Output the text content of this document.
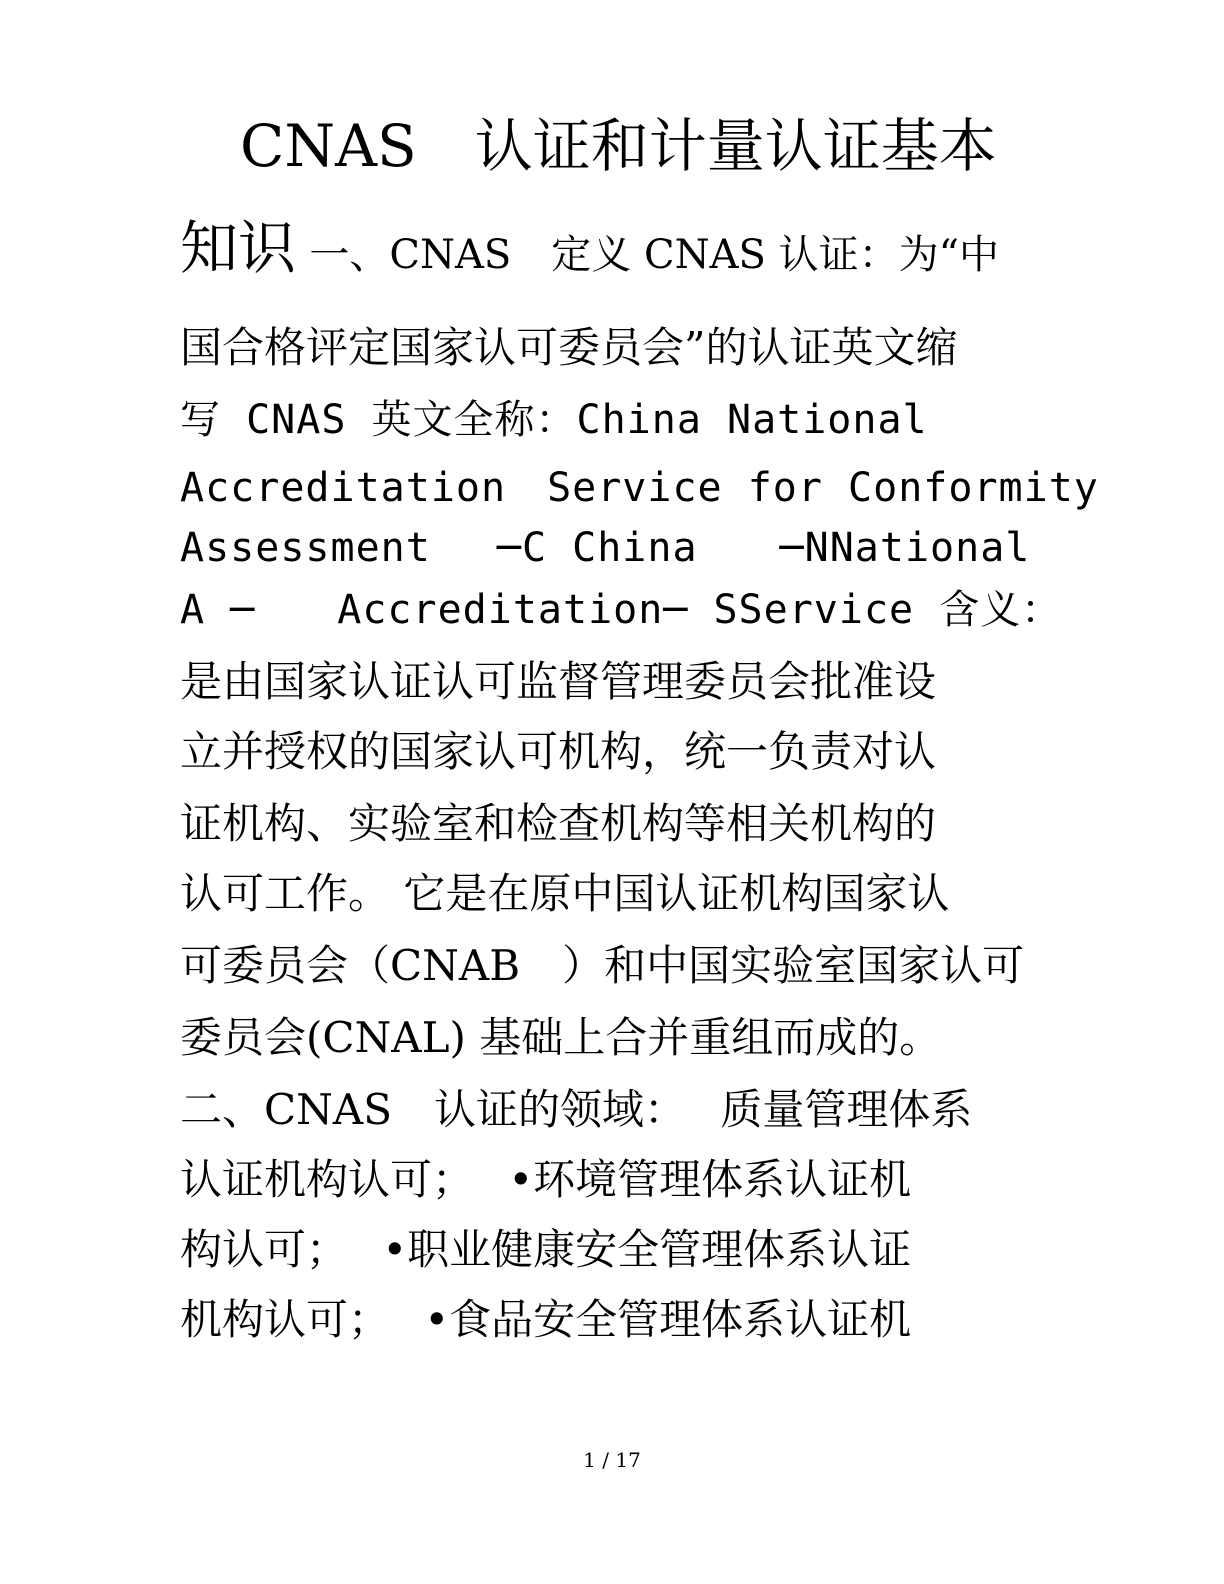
CNAS　认证和计量认证基本
知识 一、CNAS　定义 CNAS 认证：为“中
国合格评定国家认可委员会”的认证英文缩
写 CNAS 英文全称：China National
Accreditation　Service for Conformity
Assessment　 ─C China　　─NNational
A ─　　Accreditation─ SService 含义：
是由国家认证认可监督管理委员会批准设
立并授权的国家认可机构，统一负责对认
证机构、实验室和检查机构等相关机构的
认可工作。 它是在原中国认证机构国家认
可委员会（CNAB　）和中国实验室国家认可
委员会(CNAL) 基础上合并重组而成的。
二、CNAS　认证的领域：　 质量管理体系
认证机构认可；　 •环境管理体系认证机
构认可；　 •职业健康安全管理体系认证
机构认可；　 •食品安全管理体系认证机
1 / 17
